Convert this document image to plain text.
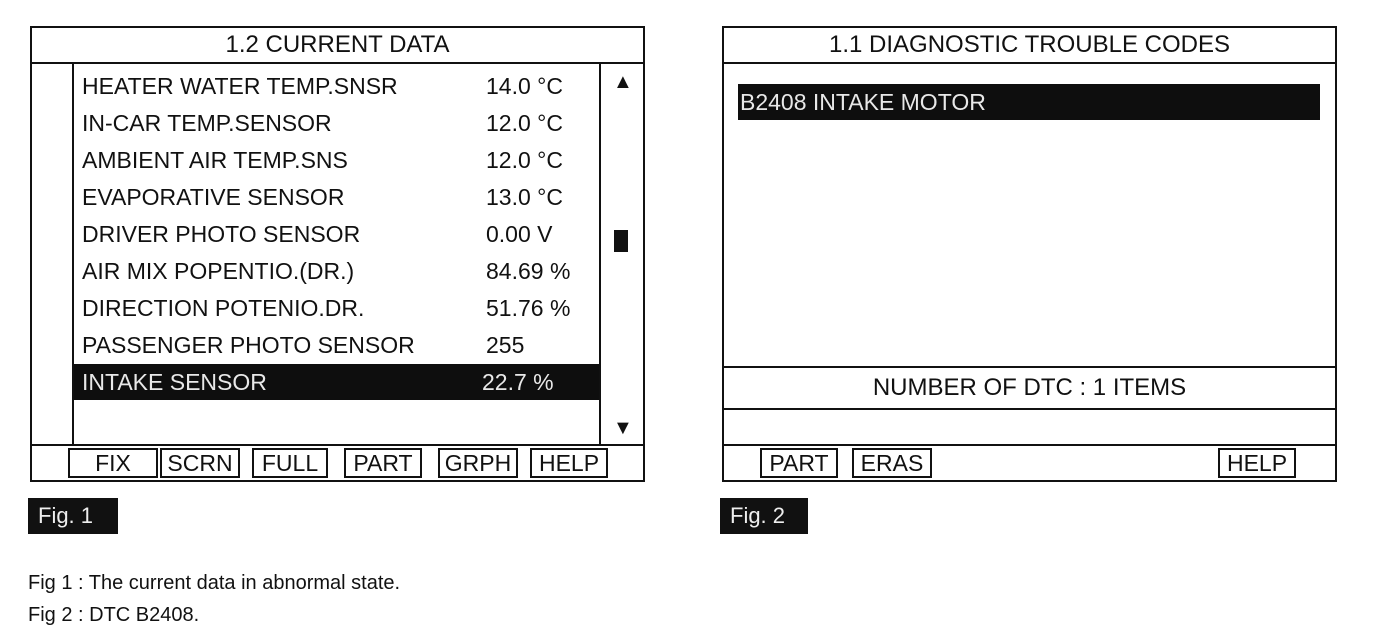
1.2 CURRENT DATA
HEATER WATER TEMP.SNSR	14.0 °C
IN-CAR TEMP.SENSOR	12.0 °C
AMBIENT AIR TEMP.SNS	12.0 °C
EVAPORATIVE SENSOR	13.0 °C
DRIVER PHOTO SENSOR	0.00 V
AIR MIX POPENTIO.(DR.)	84.69 %
DIRECTION POTENIO.DR.	51.76 %
PASSENGER PHOTO SENSOR	255
INTAKE SENSOR	22.7 %
▲
▼
FIX	SCRN	FULL	PART	GRPH	HELP
1.1 DIAGNOSTIC TROUBLE CODES
B2408 INTAKE MOTOR
NUMBER OF DTC : 1 ITEMS
PART	ERAS	HELP
Fig. 1	Fig. 2
Fig 1 : The current data in abnormal state.
Fig 2 : DTC B2408.
